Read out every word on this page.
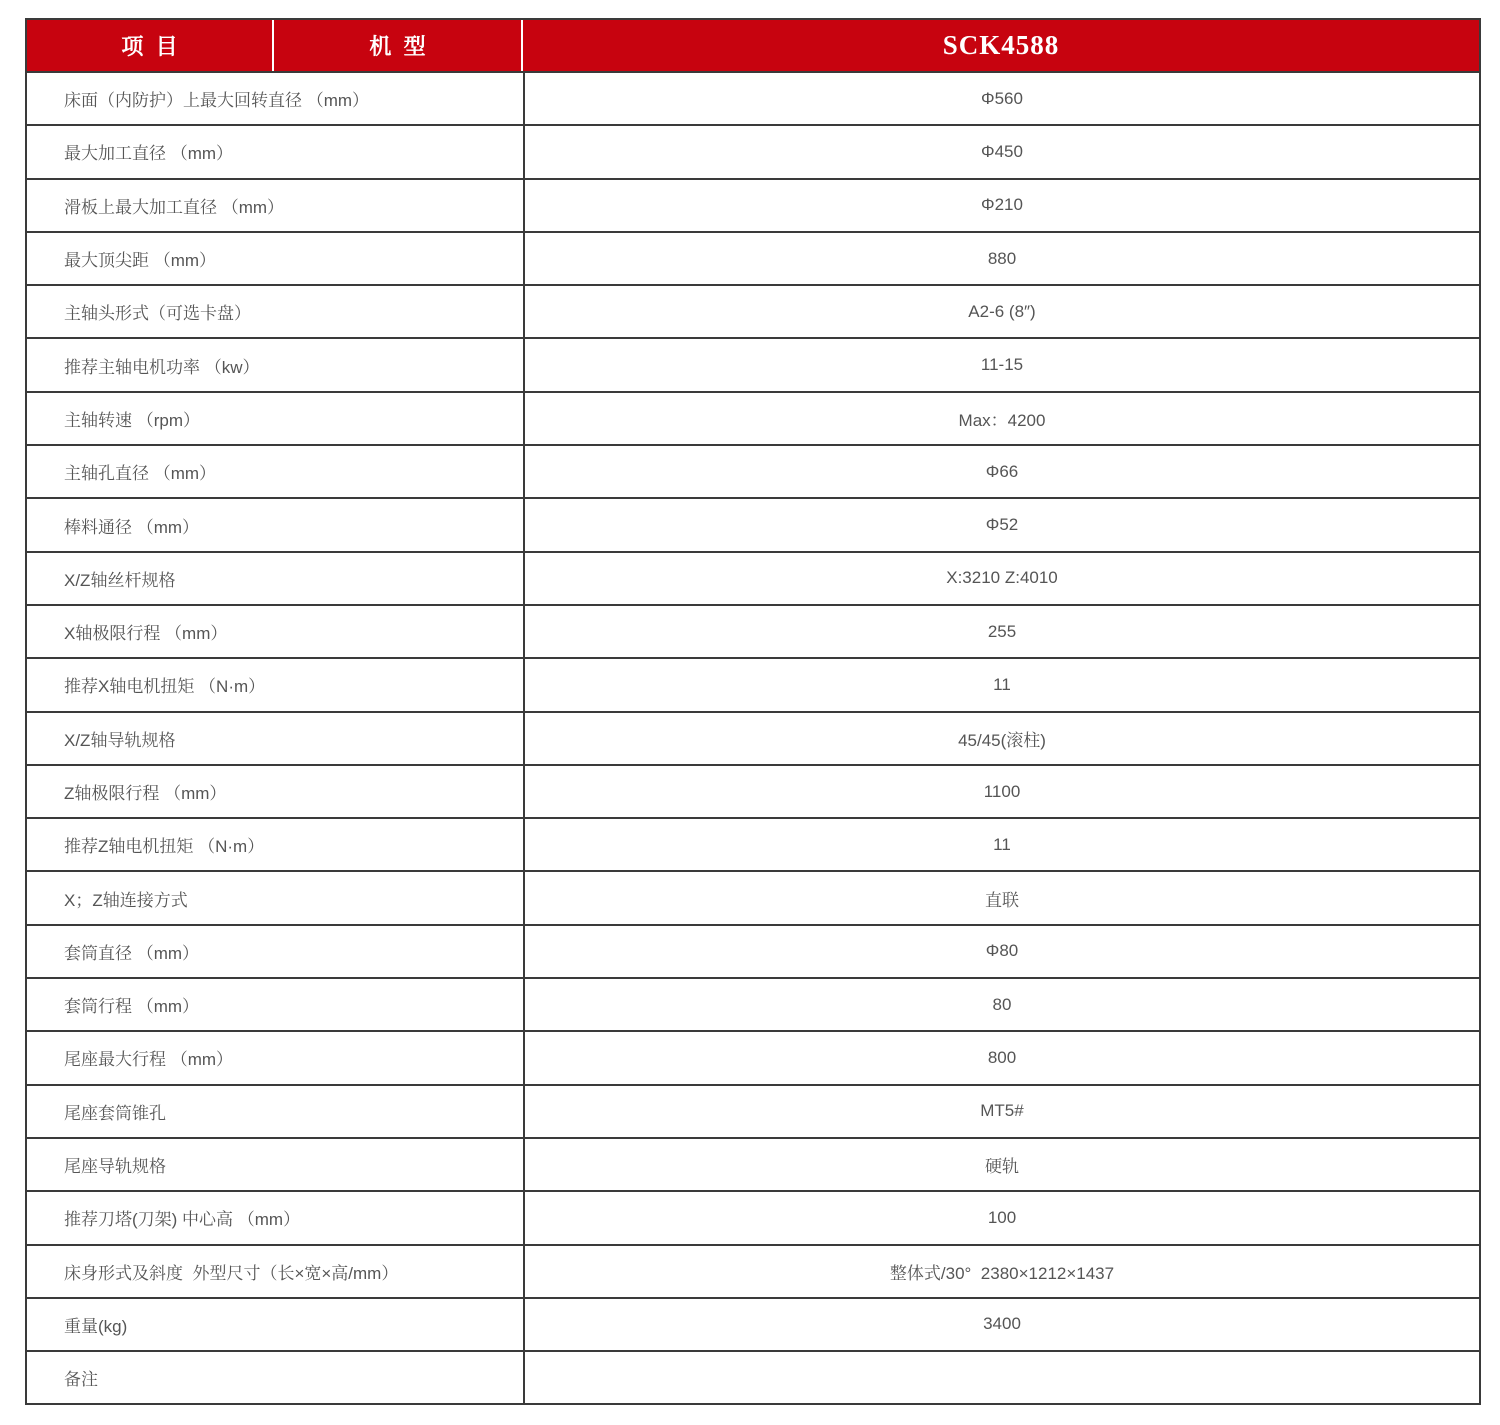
项  目	机  型	SCK4588
床面（内防护）上最大回转直径 （mm）	Φ560
最大加工直径 （mm）	Φ450
滑板上最大加工直径 （mm）	Φ210
最大顶尖距 （mm）	880
主轴头形式（可选卡盘）	A2-6 (8″)
推荐主轴电机功率 （kw）	11-15
主轴转速 （rpm）	Max：4200
主轴孔直径 （mm）	Φ66
棒料通径 （mm）	Φ52
X/Z轴丝杆规格	X:3210 Z:4010
X轴极限行程 （mm）	255
推荐X轴电机扭矩 （N·m）	11
X/Z轴导轨规格	45/45(滚柱)
Z轴极限行程 （mm）	1100
推荐Z轴电机扭矩 （N·m）	11
X；Z轴连接方式	直联
套筒直径 （mm）	Φ80
套筒行程 （mm）	80
尾座最大行程 （mm）	800
尾座套筒锥孔	MT5#
尾座导轨规格	硬轨
推荐刀塔(刀架) 中心高 （mm）	100
床身形式及斜度  外型尺寸（长×宽×高/mm）	整体式/30°  2380×1212×1437
重量(kg)	3400
备注
